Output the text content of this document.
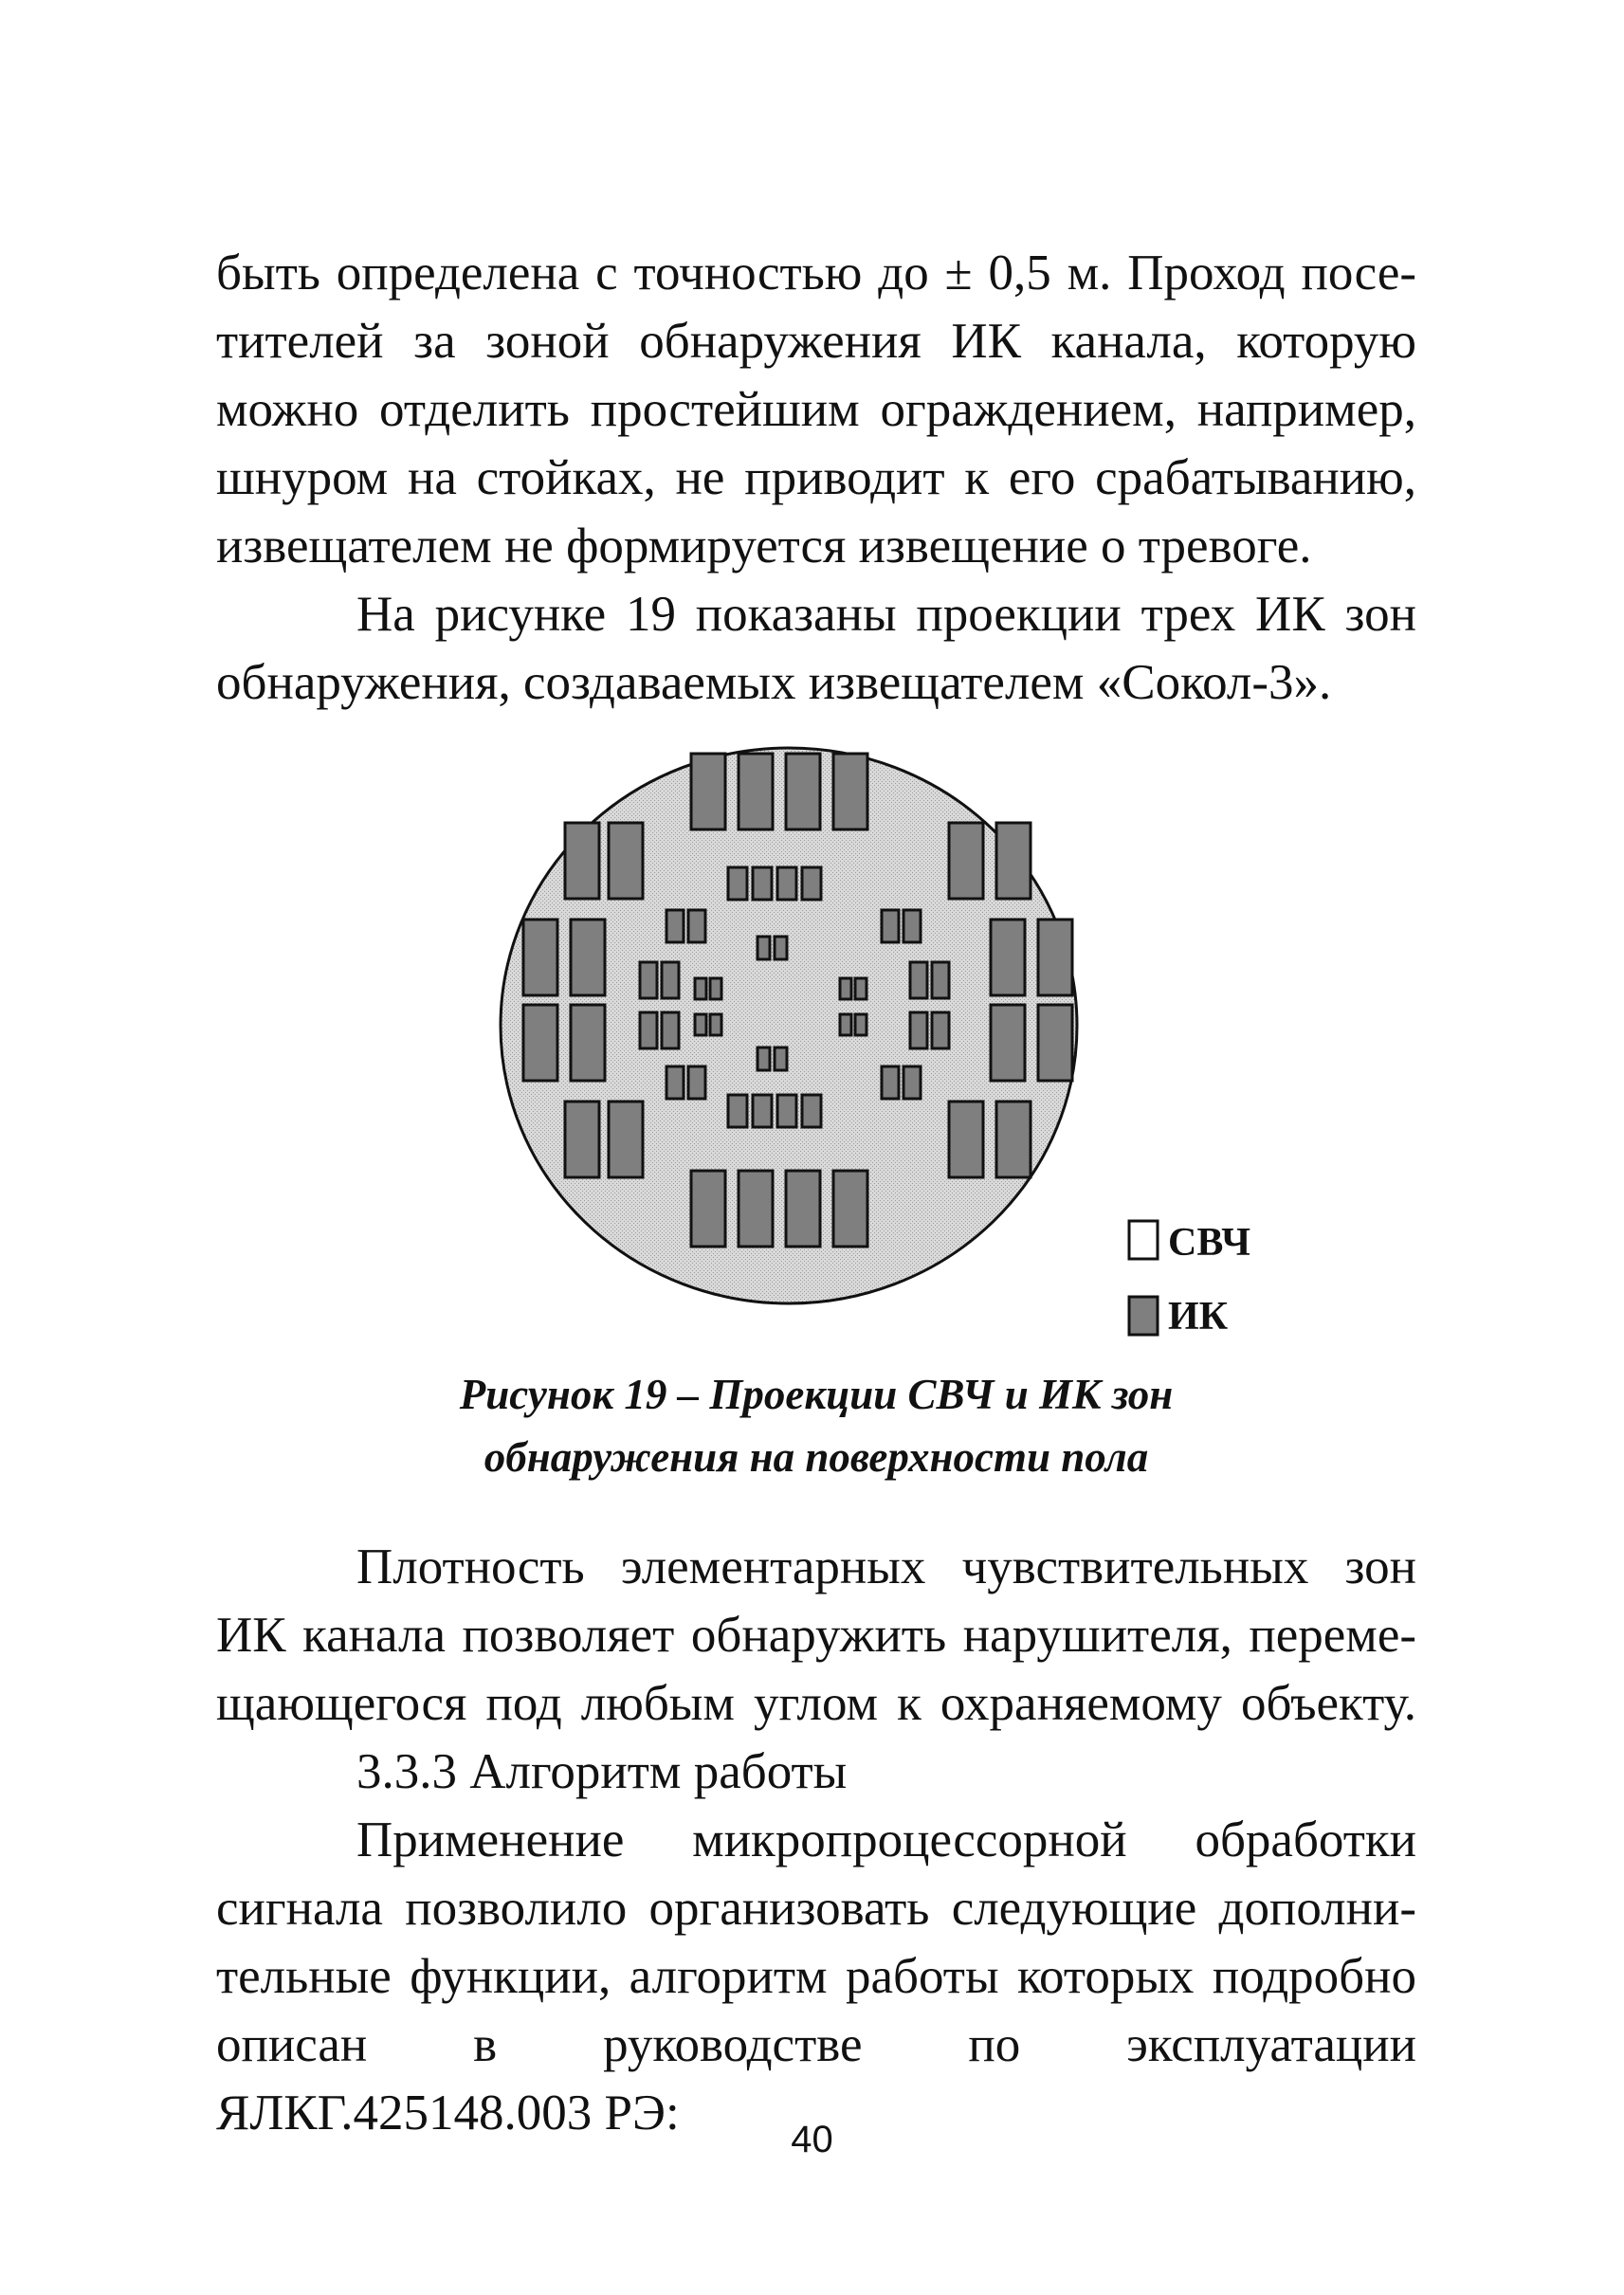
быть определена с точностью до ± 0,5 м. Проход посе-
тителей за зоной обнаружения ИК канала, которую
можно отделить простейшим ограждением, например,
шнуром на стойках, не приводит к его срабатыванию,
извещателем не формируется извещение о тревоге.
На рисунке 19 показаны проекции трех ИК зон
обнаружения, создаваемых извещателем «Сокол-3».
СВЧ
ИК
Рисунок 19 – Проекции СВЧ и ИК зон
обнаружения на поверхности пола
Плотность элементарных чувствительных зон
ИК канала позволяет обнаружить нарушителя, переме-
щающегося под любым углом к охраняемому объекту.
3.3.3 Алгоритм работы
Применение микропроцессорной обработки
сигнала позволило организовать следующие дополни-
тельные функции, алгоритм работы которых подробно
описан в руководстве по эксплуатации
ЯЛКГ.425148.003 РЭ:	40
